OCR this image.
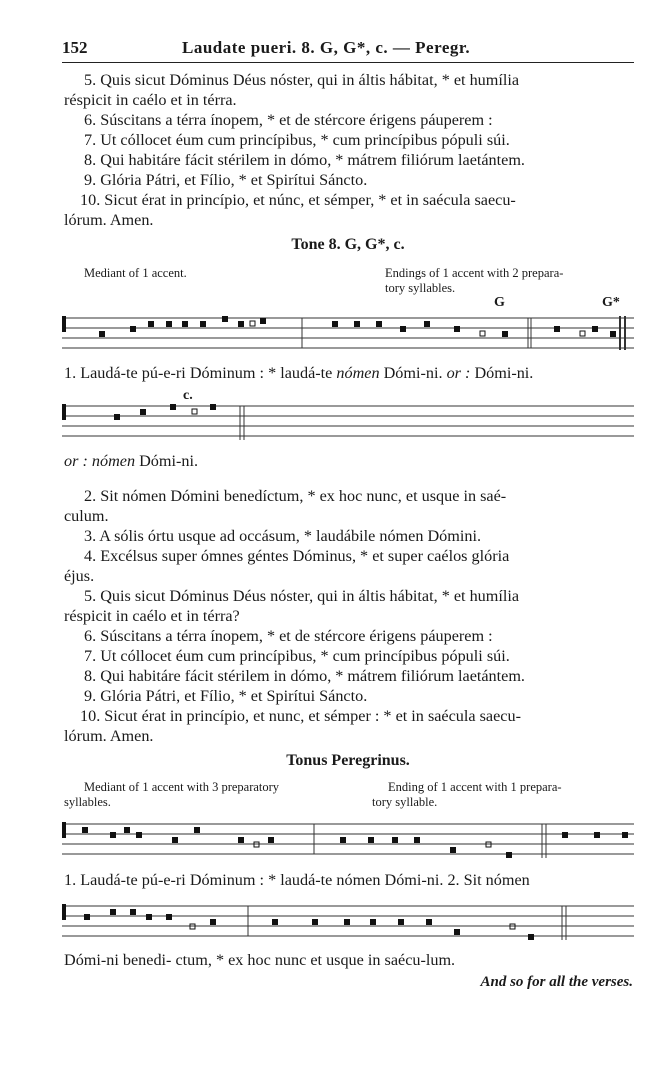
152	Laudate pueri. 8. G, G*, c. — Peregr.
5. Quis sicut Dóminus Déus nóster, qui in áltis hábitat, * et humília
réspicit in caélo et in térra.
6. Súscitans a térra ínopem, * et de stércore érigens páuperem :
7. Ut cóllocet éum cum princípibus, * cum princípibus pópuli súi.
8. Qui habitáre fácit stérilem in dómo, * mátrem filiórum laetántem.
9. Glória Pátri, et Fílio, * et Spirítui Sáncto.
10. Sicut érat in princípio, et núnc, et sémper, * et in saécula saecu-
lórum. Amen.
Tone 8. G, G*, c.
Mediant of 1 accent.	Endings of 1 accent with 2 prepara-
tory syllables.
G	G*
1. Laudá-te pú-e-ri Dóminum : * laudá-te nómen Dómi-ni. or : Dómi-ni.
c.
or : nómen Dómi-ni.
2. Sit nómen Dómini benedíctum, * ex hoc nunc, et usque in saé-
culum.
3. A sólis órtu usque ad occásum, * laudábile nómen Dómini.
4. Excélsus super ómnes géntes Dóminus, * et super caélos glória
éjus.
5. Quis sicut Dóminus Déus nóster, qui in áltis hábitat, * et humília
réspicit in caélo et in térra?
6. Súscitans a térra ínopem, * et de stércore érigens páuperem :
7. Ut cóllocet éum cum princípibus, * cum princípibus pópuli súi.
8. Qui habitáre fácit stérilem in dómo, * mátrem filiórum laetántem.
9. Glória Pátri, et Fílio, * et Spirítui Sáncto.
10. Sicut érat in princípio, et nunc, et sémper : * et in saécula saecu-
lórum. Amen.
Tonus Peregrinus.
Mediant of 1 accent with 3 preparatory
syllables.
Ending of 1 accent with 1 prepara-
tory syllable.
1. Laudá-te pú-e-ri Dóminum : * laudá-te nómen Dómi-ni. 2. Sit nómen
Dómi-ni benedi- ctum, * ex hoc nunc et usque in saécu-lum.
And so for all the verses.
